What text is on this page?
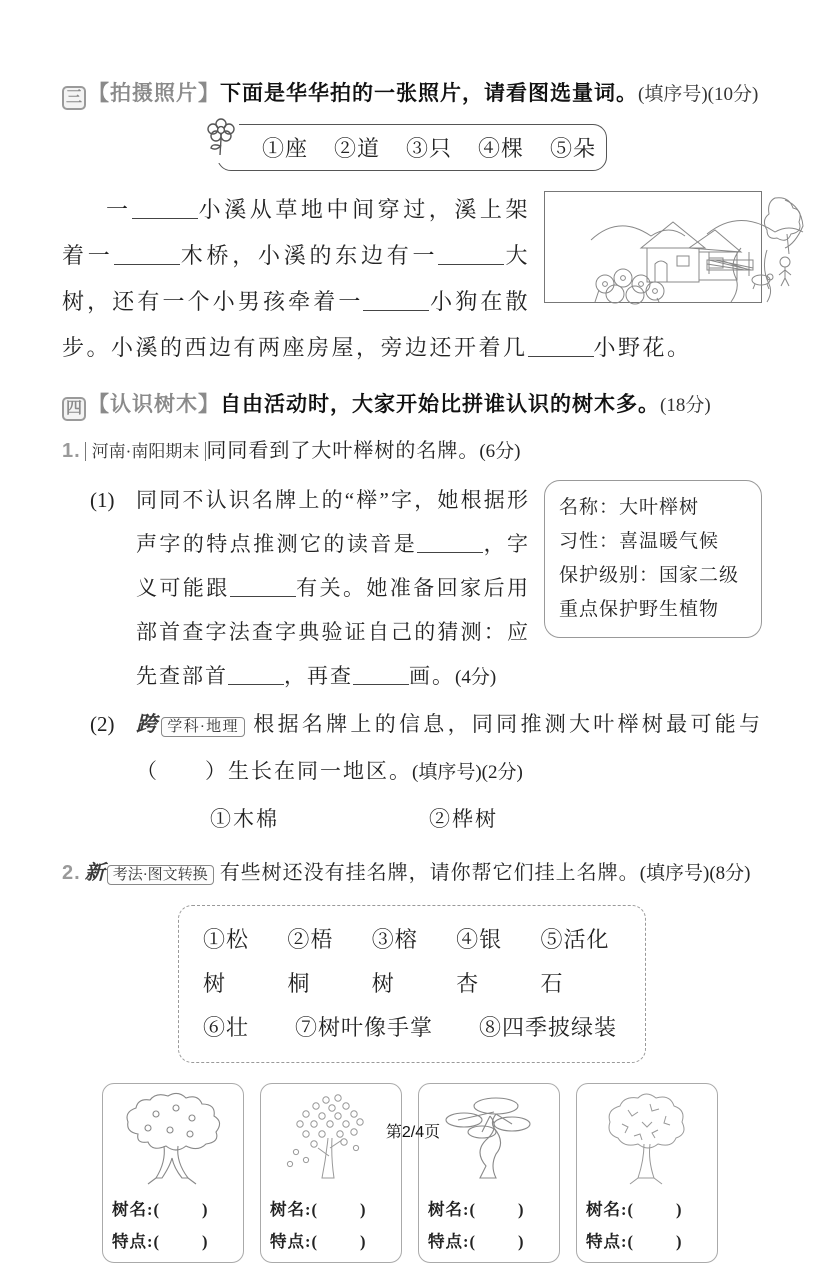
三 【拍摄照片】下面是华华拍的一张照片，请看图选量词。(填序号)(10分)
①座 ②道 ③只 ④棵 ⑤朵
一	小溪从草地中间穿过，溪上架着一	木桥，小溪的东边有一	大树，还有一个小男孩牵着一	小狗在散步。小溪的西边有两座房屋，旁边还开着几	小野花。
四 【认识树木】自由活动时，大家开始比拼谁认识的树木多。(18分)
1. 河南·南阳期末 同同看到了大叶榉树的名牌。(6分)
(1)	名称：大叶榉树
习性：喜温暖气候
保护级别：国家二级
重点保护野生植物
同同不认识名牌上的“榉”字，她根据形声字的特点推测它的读音是	，字义可能跟	有关。她准备回家后用部首查字法查字典验证自己的猜测：应先查部首	，再查	画。(4分)
(2)	跨 学科·地理 根据名牌上的信息，同同推测大叶榉树最可能与（　　）生长在同一地区。(填序号)(2分)
①木棉	②桦树
2. 新 考法·图文转换 有些树还没有挂名牌，请你帮它们挂上名牌。(填序号)(8分)
①松树
②梧桐
③榕树
④银杏
⑤活化石
⑥壮 ⑦树叶像手掌 ⑧四季披绿装
树名:(	)
特点:(	)
树名:(	)
特点:(	)
树名:(	)
特点:(	)
树名:(	)
特点:(	)
第2/4页
